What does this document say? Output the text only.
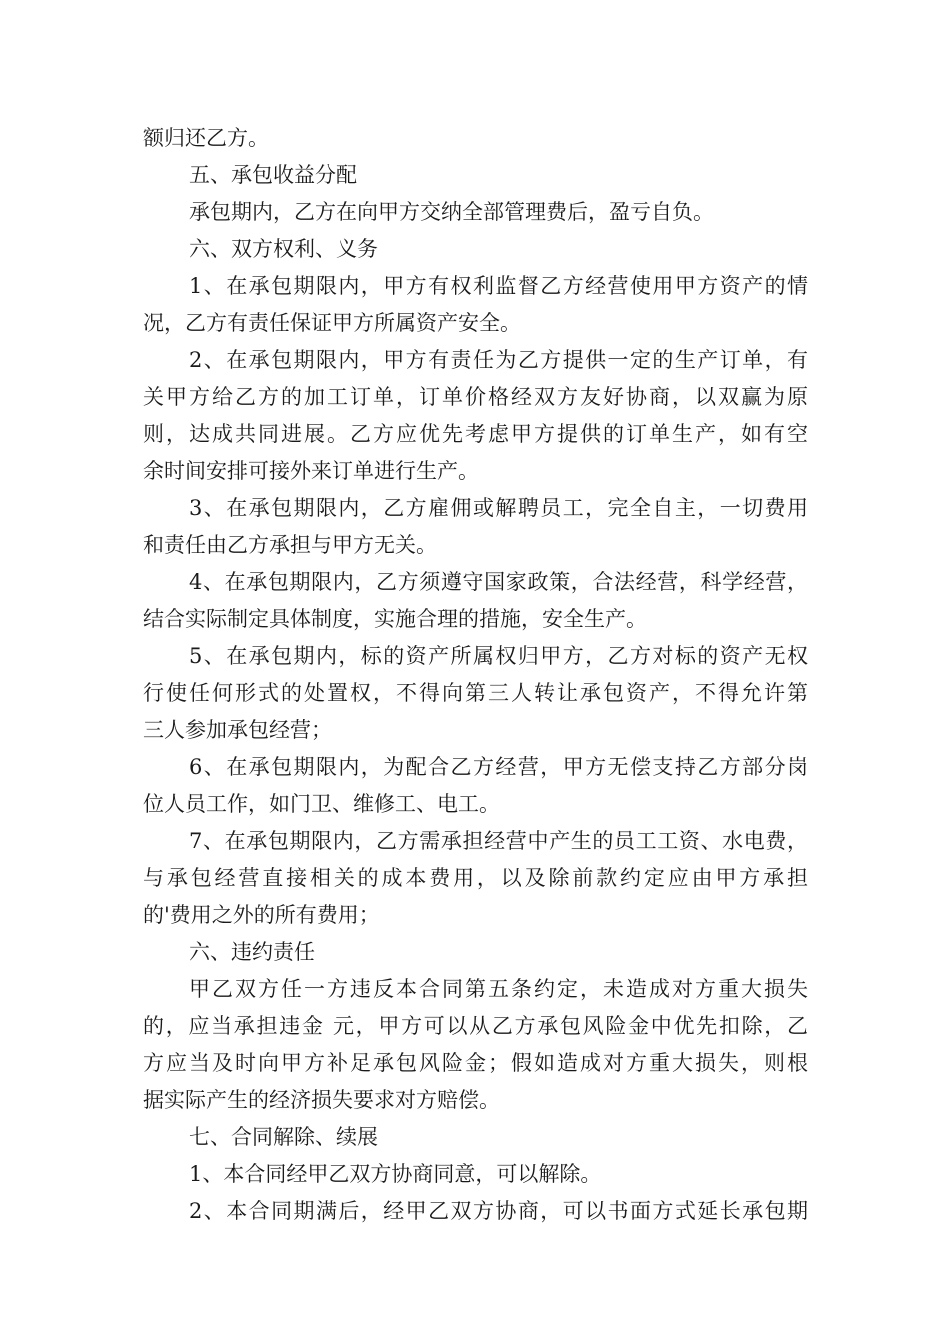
额归还乙方。
五、承包收益分配
承包期内，乙方在向甲方交纳全部管理费后，盈亏自负。
六、双方权利、义务
1、在承包期限内，甲方有权利监督乙方经营使用甲方资产的情
况，乙方有责任保证甲方所属资产安全。
2、在承包期限内，甲方有责任为乙方提供一定的生产订单，有
关甲方给乙方的加工订单，订单价格经双方友好协商，以双赢为原
则，达成共同进展。乙方应优先考虑甲方提供的订单生产，如有空
余时间安排可接外来订单进行生产。
3、在承包期限内，乙方雇佣或解聘员工，完全自主，一切费用
和责任由乙方承担与甲方无关。
4、在承包期限内，乙方须遵守国家政策，合法经营，科学经营，
结合实际制定具体制度，实施合理的措施，安全生产。
5、在承包期内，标的资产所属权归甲方，乙方对标的资产无权
行使任何形式的处置权，不得向第三人转让承包资产，不得允许第
三人参加承包经营；
6、在承包期限内，为配合乙方经营，甲方无偿支持乙方部分岗
位人员工作，如门卫、维修工、电工。
7、在承包期限内，乙方需承担经营中产生的员工工资、水电费，
与承包经营直接相关的成本费用，以及除前款约定应由甲方承担
的'费用之外的所有费用；
六、违约责任
甲乙双方任一方违反本合同第五条约定，未造成对方重大损失
的，应当承担违金 元，甲方可以从乙方承包风险金中优先扣除，乙
方应当及时向甲方补足承包风险金；假如造成对方重大损失，则根
据实际产生的经济损失要求对方赔偿。
七、合同解除、续展
1、本合同经甲乙双方协商同意，可以解除。
2、本合同期满后，经甲乙双方协商，可以书面方式延长承包期
